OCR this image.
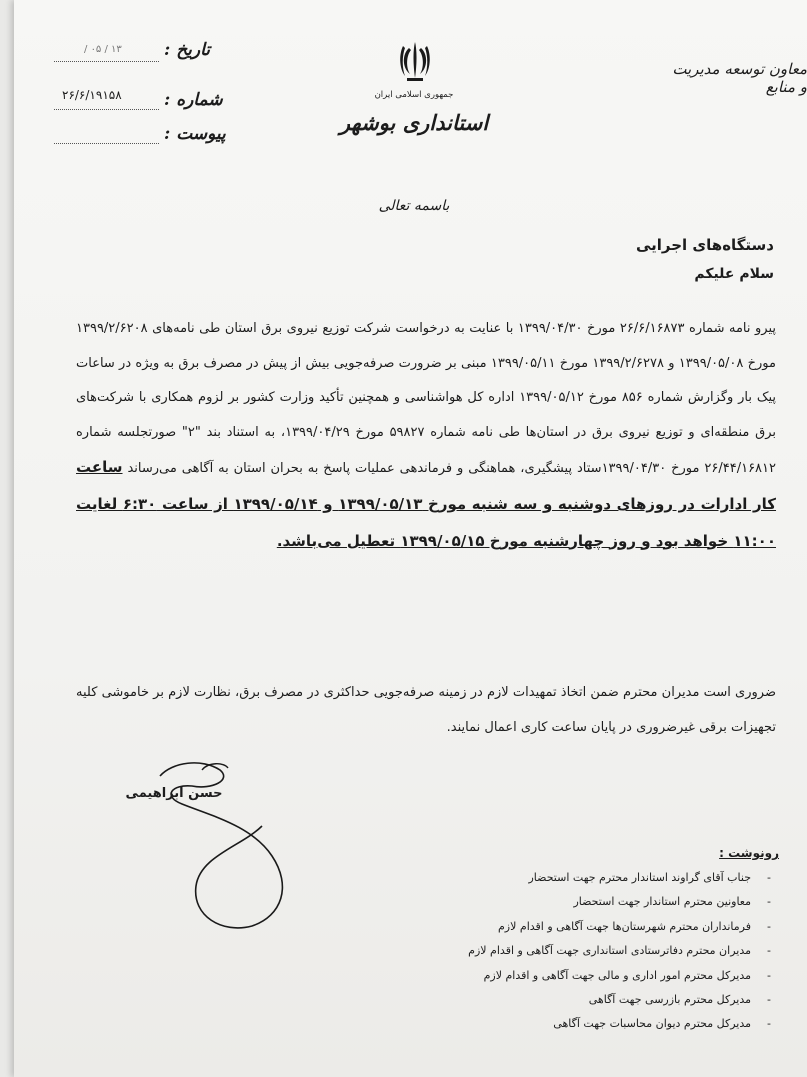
معاون توسعه مدیریت و منابع
جمهوری اسلامی ایران
استانداری بوشهر
تاریخ :
۱۳ / ۰۵ /
شماره :
۲۶/۶/۱۹۱۵۸
پیوست :
باسمه تعالی
دستگاه‌های اجرایی
سلام علیکم
پیرو نامه شماره ۲۶/۶/۱۶۸۷۳ مورخ ۱۳۹۹/۰۴/۳۰ با عنایت به درخواست شرکت توزیع نیروی برق استان طی نامه‌های ۱۳۹۹/۲/۶۲۰۸ مورخ ۱۳۹۹/۰۵/۰۸ و ۱۳۹۹/۲/۶۲۷۸ مورخ ۱۳۹۹/۰۵/۱۱ مبنی بر ضرورت صرفه‌جویی بیش از پیش در مصرف برق به ویژه در ساعات پیک بار وگزارش شماره ۸۵۶ مورخ ۱۳۹۹/۰۵/۱۲ اداره کل هواشناسی و همچنین تأکید وزارت کشور بر لزوم همکاری با شرکت‌های برق منطقه‌ای و توزیع نیروی برق در استان‌ها طی نامه شماره ۵۹۸۲۷ مورخ ۱۳۹۹/۰۴/۲۹، به استناد بند "۲" صورتجلسه شماره ۲۶/۴۴/۱۶۸۱۲ مورخ ۱۳۹۹/۰۴/۳۰ستاد پیشگیری، هماهنگی و فرماندهی عملیات پاسخ به بحران استان به آگاهی می‌رساند ساعت کار ادارات در روزهای دوشنبه و سه شنبه مورخ ۱۳۹۹/۰۵/۱۳ و ۱۳۹۹/۰۵/۱۴ از ساعت ۶:۳۰ لغایت ۱۱:۰۰ خواهد بود و روز چهارشنبه مورخ ۱۳۹۹/۰۵/۱۵ تعطیل می‌باشد.
ضروری است مدیران محترم ضمن اتخاذ تمهیدات لازم در زمینه صرفه‌جویی حداکثری در مصرف برق، نظارت لازم بر خاموشی کلیه تجهیزات برقی غیرضروری در پایان ساعت کاری اعمال نمایند.
حسن ابراهیمی
رونوشت :
- جناب آقای گراوند استاندار محترم جهت استحضار
- معاونین محترم استاندار جهت استحضار
- فرمانداران محترم شهرستان‌ها جهت آگاهی و اقدام لازم
- مدیران محترم دفاترستادی استانداری جهت آگاهی و اقدام لازم
- مدیرکل محترم امور اداری و مالی جهت آگاهی و اقدام لازم
- مدیرکل محترم بازرسی جهت آگاهی
- مدیرکل محترم دیوان محاسبات جهت آگاهی
